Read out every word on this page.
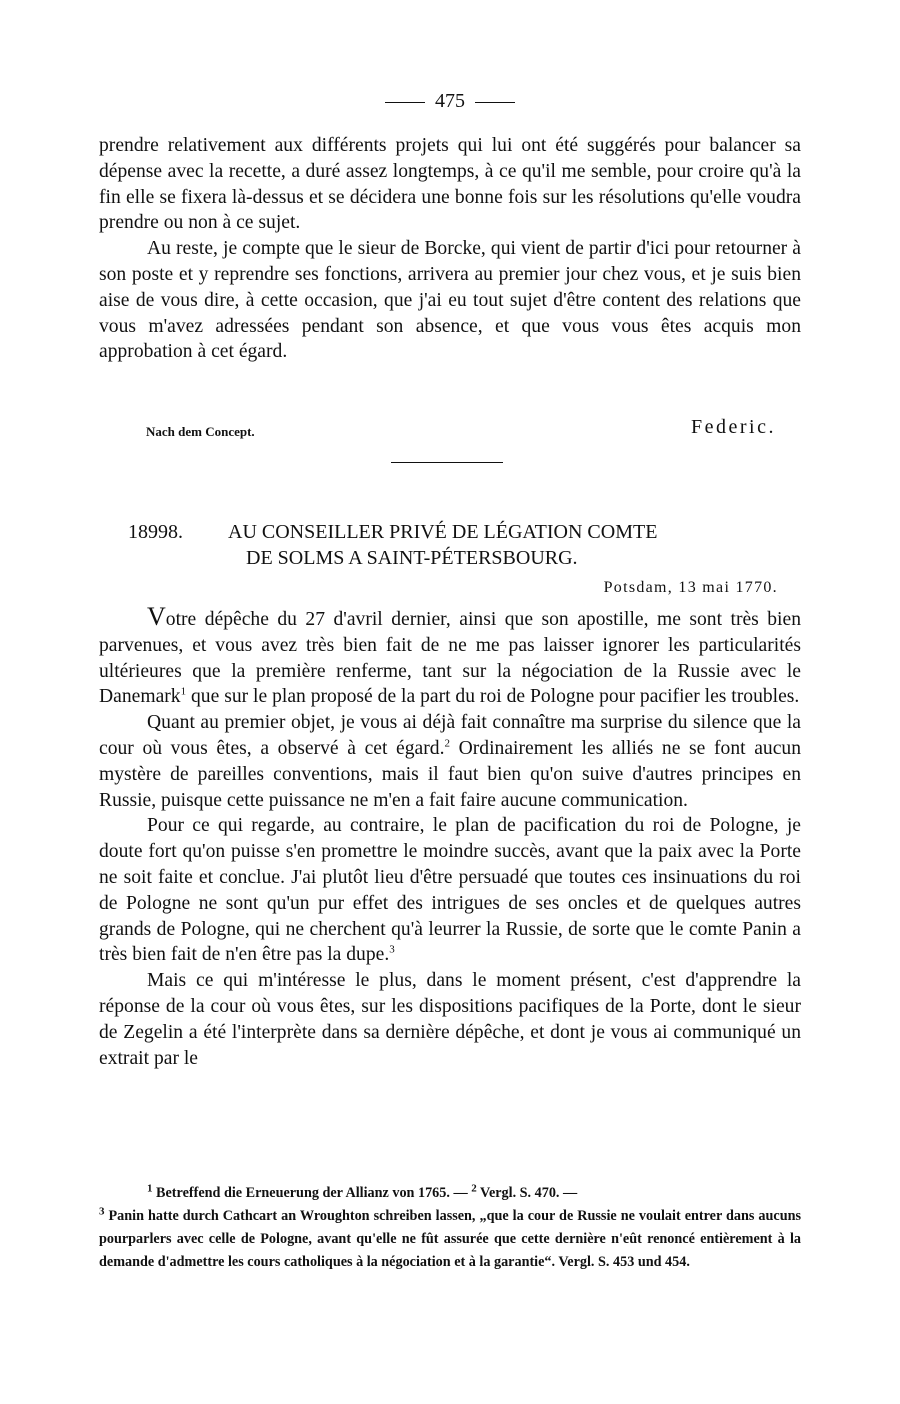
475

prendre relativement aux différents projets qui lui ont été suggérés pour balancer sa dépense avec la recette, a duré assez longtemps, à ce qu'il me semble, pour croire qu'à la fin elle se fixera là-dessus et se décidera une bonne fois sur les résolutions qu'elle voudra prendre ou non à ce sujet.

Au reste, je compte que le sieur de Borcke, qui vient de partir d'ici pour retourner à son poste et y reprendre ses fonctions, arrivera au premier jour chez vous, et je suis bien aise de vous dire, à cette occasion, que j'ai eu tout sujet d'être content des relations que vous m'avez adressées pendant son absence, et que vous vous êtes acquis mon approbation à cet égard.

Nach dem Concept.	Federic.
18998. AU CONSEILLER PRIVÉ DE LÉGATION COMTE
DE SOLMS A SAINT-PÉTERSBOURG.
Potsdam, 13 mai 1770.

Votre dépêche du 27 d'avril dernier, ainsi que son apostille, me sont très bien parvenues, et vous avez très bien fait de ne me pas laisser ignorer les particularités ultérieures que la première renferme, tant sur la négociation de la Russie avec le Danemark$^1$ que sur le plan proposé de la part du roi de Pologne pour pacifier les troubles.

Quant au premier objet, je vous ai déjà fait connaître ma surprise du silence que la cour où vous êtes, a observé à cet égard.$^2$ Ordinairement les alliés ne se font aucun mystère de pareilles conventions, mais il faut bien qu'on suive d'autres principes en Russie, puisque cette puissance ne m'en a fait faire aucune communication.

Pour ce qui regarde, au contraire, le plan de pacification du roi de Pologne, je doute fort qu'on puisse s'en promettre le moindre succès, avant que la paix avec la Porte ne soit faite et conclue. J'ai plutôt lieu d'être persuadé que toutes ces insinuations du roi de Pologne ne sont qu'un pur effet des intrigues de ses oncles et de quelques autres grands de Pologne, qui ne cherchent qu'à leurrer la Russie, de sorte que le comte Panin a très bien fait de n'en être pas la dupe.$^3$

Mais ce qui m'intéresse le plus, dans le moment présent, c'est d'apprendre la réponse de la cour où vous êtes, sur les dispositions pacifiques de la Porte, dont le sieur de Zegelin a été l'interprète dans sa dernière dépêche, et dont je vous ai communiqué un extrait par le

$^1$ Betreffend die Erneuerung der Allianz von 1765. — $^2$ Vergl. S. 470. —

$^3$ Panin hatte durch Cathcart an Wroughton schreiben lassen, „que la cour de Russie ne voulait entrer dans aucuns pourparlers avec celle de Pologne, avant qu'elle ne fût assurée que cette dernière n'eût renoncé entièrement à la demande d'admettre les cours catholiques à la négociation et à la garantie“. Vergl. S. 453 und 454.
